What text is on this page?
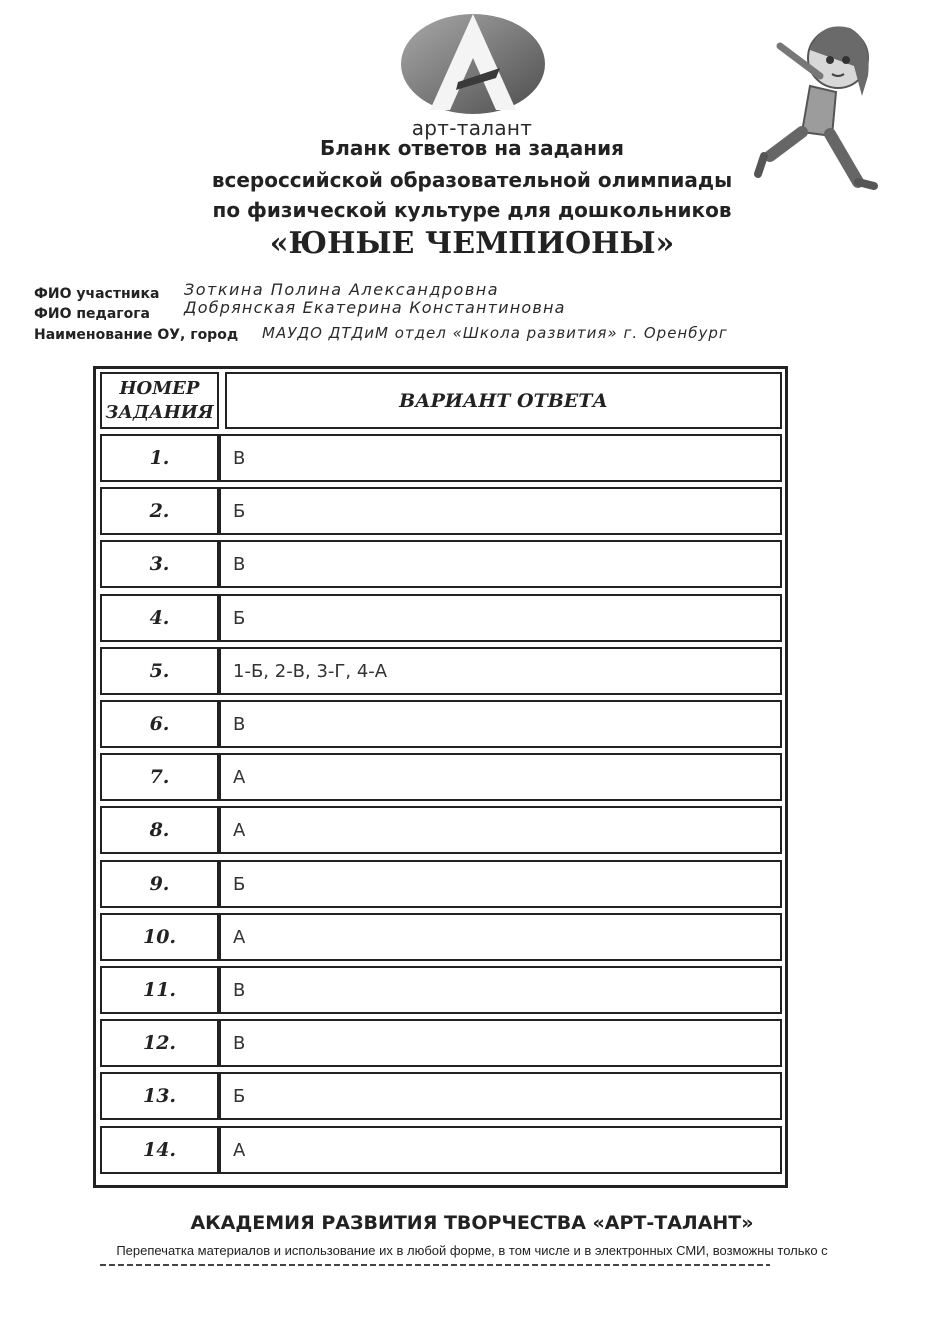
арт-талант
Бланк ответов на задания
всероссийской образовательной олимпиады
по физической культуре для дошкольников
«ЮНЫЕ ЧЕМПИОНЫ»
ФИО участника Зоткина Полина Александровна
ФИО педагога Добрянская Екатерина Константиновна
Наименование ОУ, город МАУДО ДТДиМ отдел «Школа развития» г. Оренбург
НОМЕР
ЗАДАНИЯ
ВАРИАНТ ОТВЕТА
1.	В
2.	Б
3.	В
4.	Б
5.	1-Б, 2-В, 3-Г, 4-А
6.	В
7.	А
8.	А
9.	Б
10.	А
11.	В
12.	В
13.	Б
14.	А
АКАДЕМИЯ РАЗВИТИЯ ТВОРЧЕСТВА «АРТ-ТАЛАНТ»
Перепечатка материалов и использование их в любой форме, в том числе и в электронных СМИ, возможны только с
